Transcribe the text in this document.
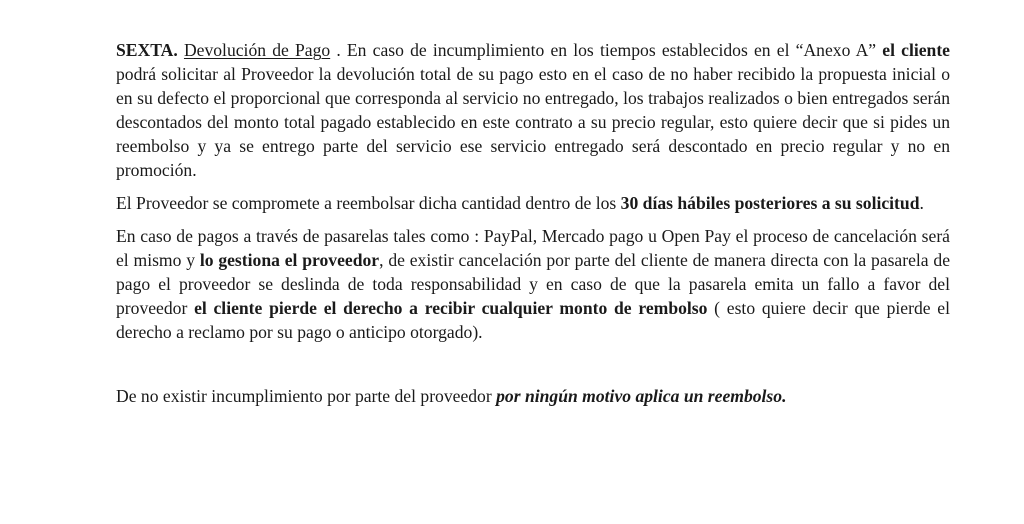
SEXTA. Devolución de Pago . En caso de incumplimiento en los tiempos establecidos en el “Anexo A” el cliente podrá solicitar al Proveedor la devolución total de su pago esto en el caso de no haber recibido la propuesta inicial o en su defecto el proporcional que corresponda al servicio no entregado, los trabajos realizados o bien entregados serán descontados del monto total pagado establecido en este contrato a su precio regular, esto quiere decir que si pides un reembolso y ya se entrego parte del servicio ese servicio entregado será descontado en precio regular y no en promoción.

El Proveedor se compromete a reembolsar dicha cantidad dentro de los 30 días hábiles posteriores a su solicitud.

En caso de pagos a través de pasarelas tales como : PayPal, Mercado pago u Open Pay el proceso de cancelación será el mismo y lo gestiona el proveedor, de existir cancelación por parte del cliente de manera directa con la pasarela de pago el proveedor se deslinda de toda responsabilidad y en caso de que la pasarela emita un fallo a favor del proveedor el cliente pierde el derecho a recibir cualquier monto de rembolso ( esto quiere decir que pierde el derecho a reclamo por su pago o anticipo otorgado).

De no existir incumplimiento por parte del proveedor por ningún motivo aplica un reembolso.
